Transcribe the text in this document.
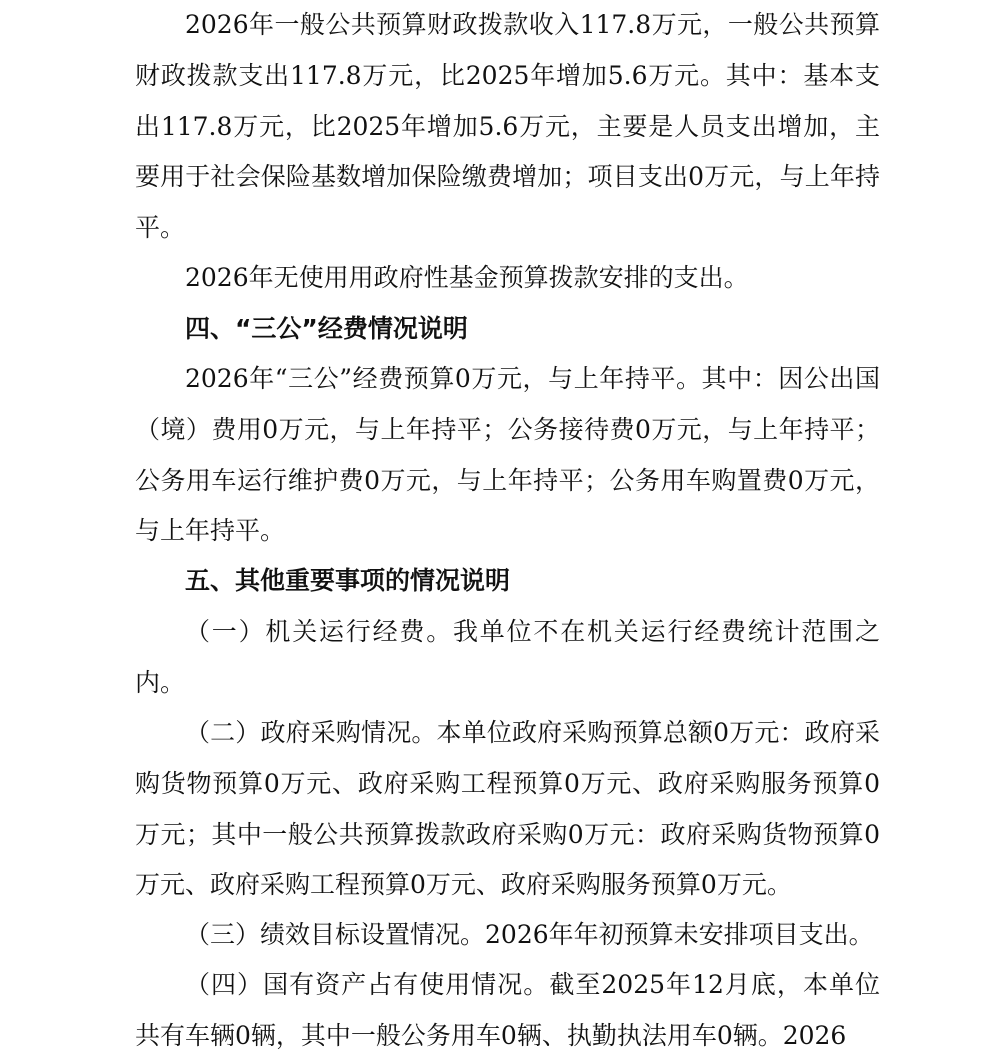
2026年一般公共预算财政拨款收入117.8万元，一般公共预算财政拨款支出117.8万元，比2025年增加5.6万元。其中：基本支出117.8万元，比2025年增加5.6万元，主要是人员支出增加，主要用于社会保险基数增加保险缴费增加；项目支出0万元，与上年持平。

2026年无使用用政府性基金预算拨款安排的支出。

四、“三公”经费情况说明

2026年“三公”经费预算0万元，与上年持平。其中：因公出国（境）费用0万元，与上年持平；公务接待费0万元，与上年持平；公务用车运行维护费0万元，与上年持平；公务用车购置费0万元，与上年持平。

五、其他重要事项的情况说明

（一）机关运行经费。我单位不在机关运行经费统计范围之内。

（二）政府采购情况。本单位政府采购预算总额0万元：政府采购货物预算0万元、政府采购工程预算0万元、政府采购服务预算0万元；其中一般公共预算拨款政府采购0万元：政府采购货物预算0万元、政府采购工程预算0万元、政府采购服务预算0万元。

（三）绩效目标设置情况。2026年年初预算未安排项目支出。

（四）国有资产占有使用情况。截至2025年12月底，本单位共有车辆0辆，其中一般公务用车0辆、执勤执法用车0辆。2026
